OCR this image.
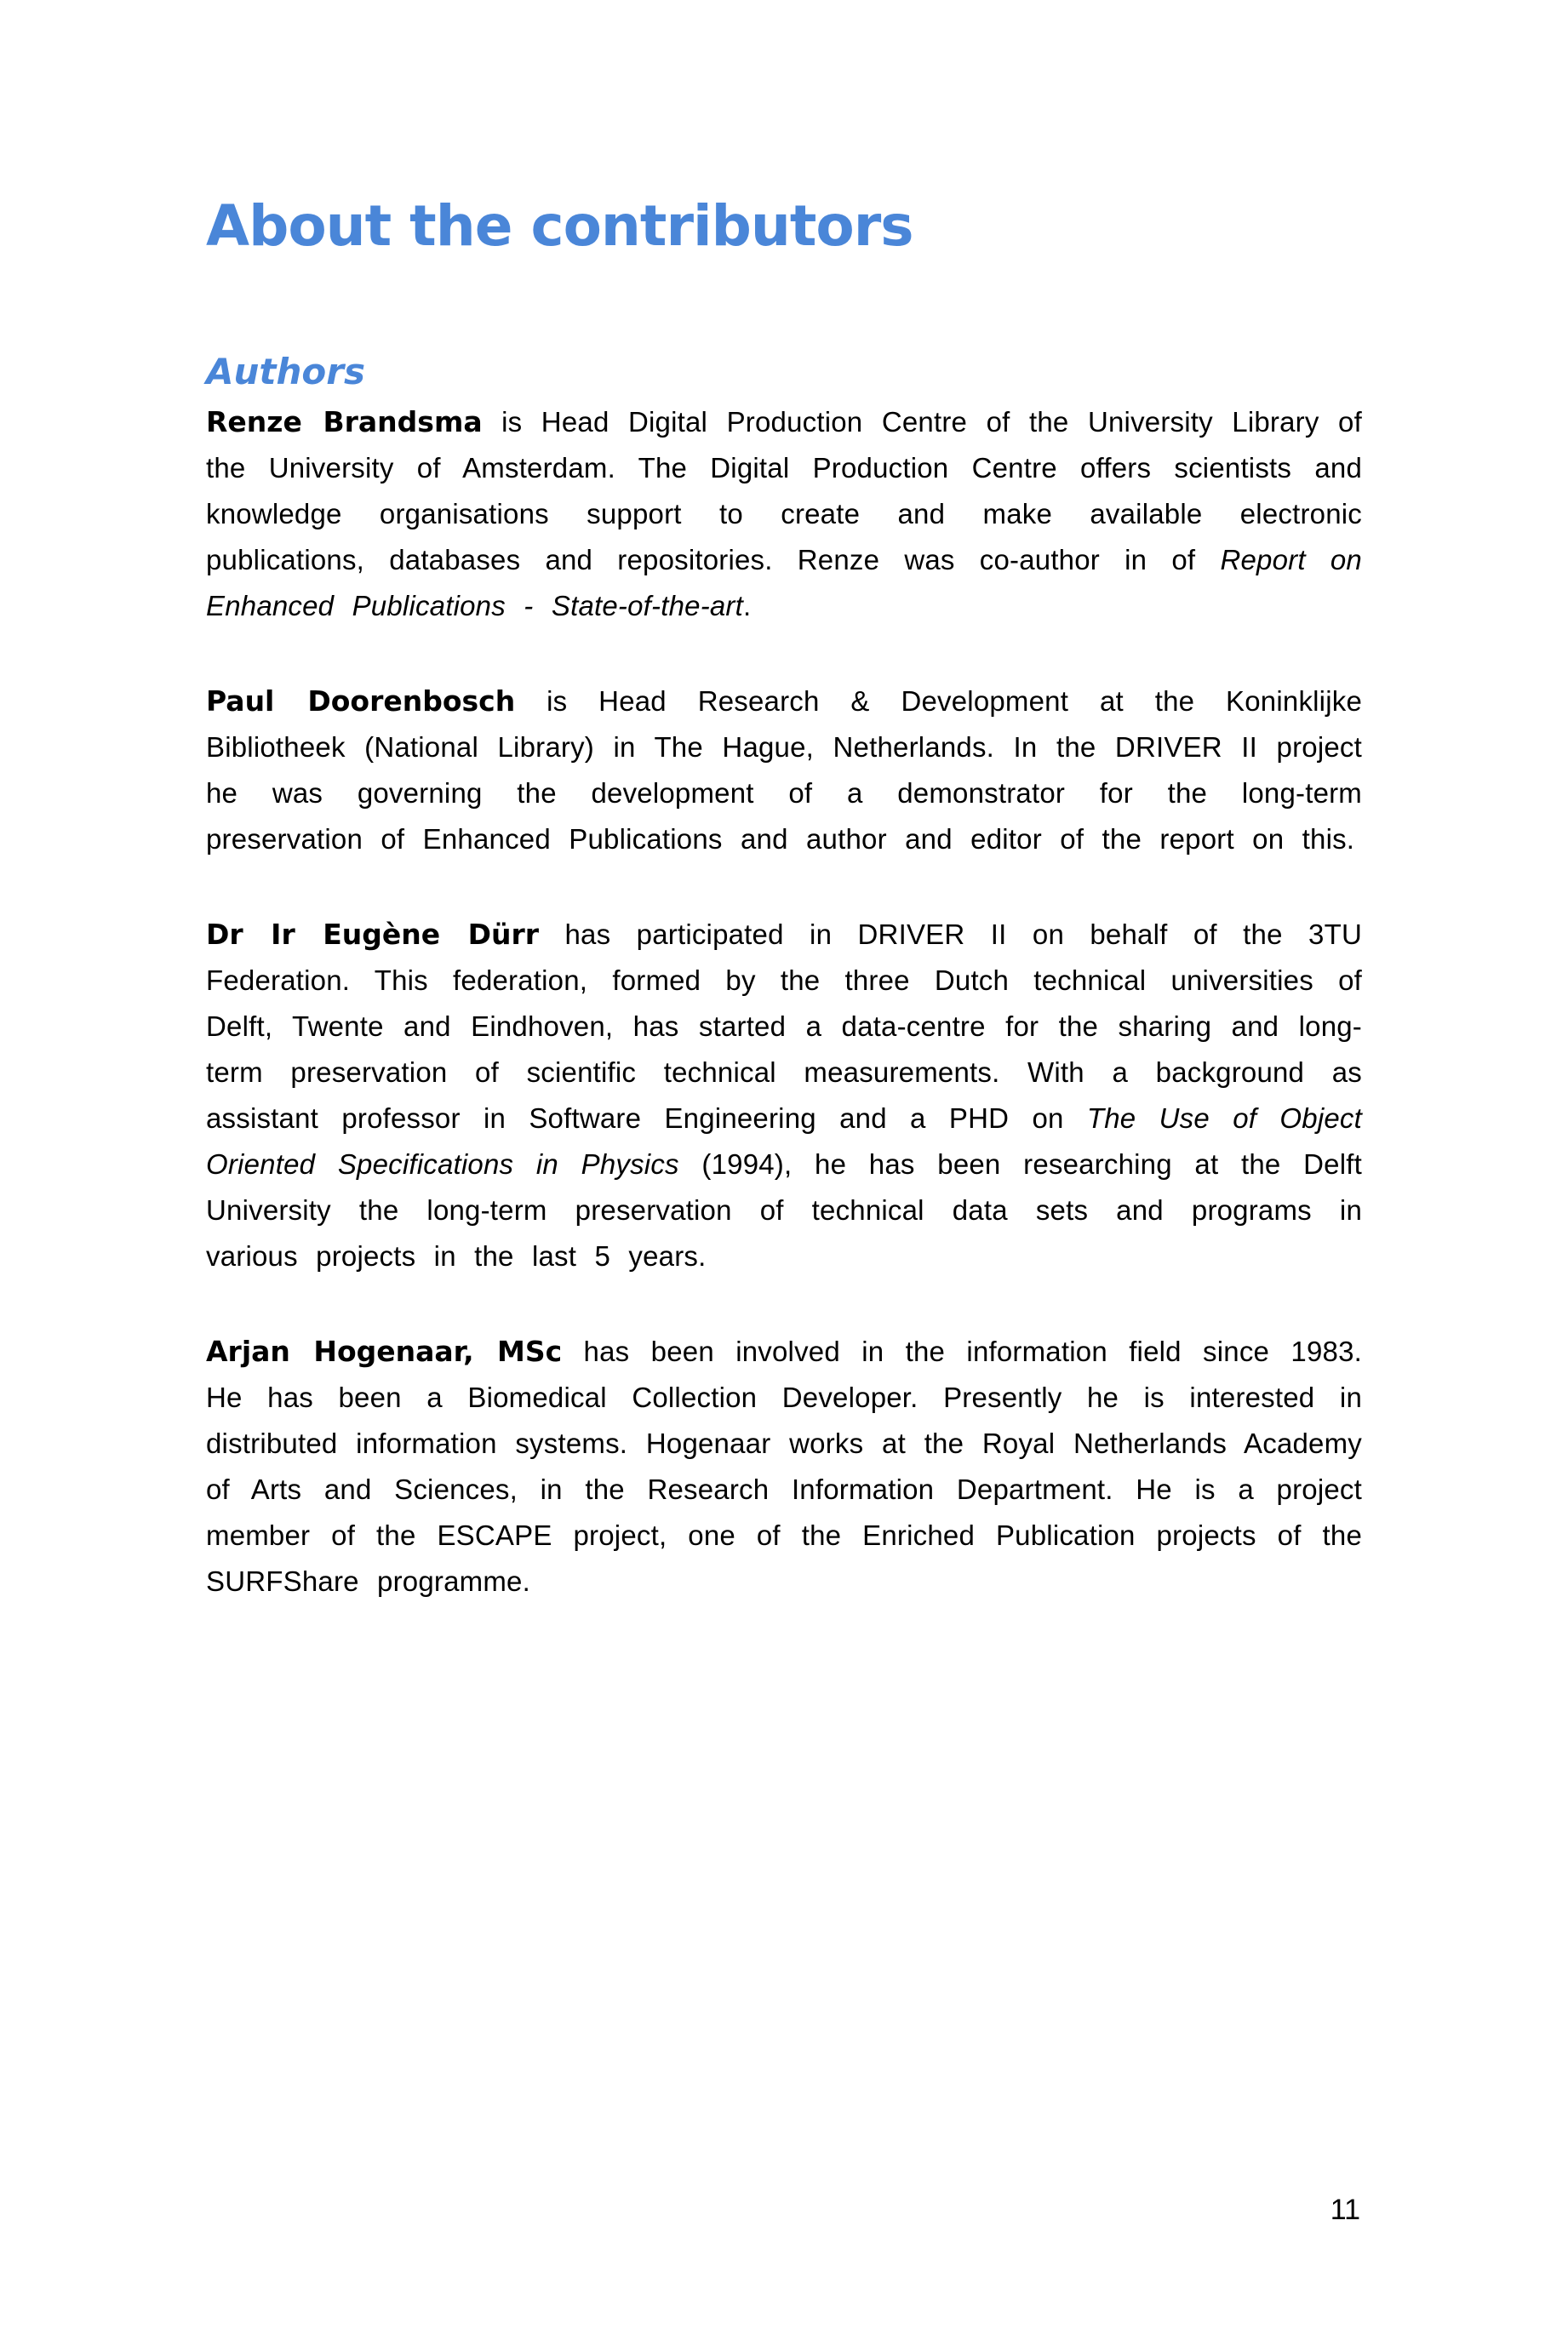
About the contributors
Authors

Renze Brandsma is Head Digital Production Centre of the University Library of the University of Amsterdam. The Digital Production Centre offers scientists and knowledge organisations support to create and make available electronic publications, databases and repositories. Renze was co-author in of Report on Enhanced Publications - State-of-the-art.

Paul Doorenbosch is Head Research & Development at the Koninklijke Bibliotheek (National Library) in The Hague, Netherlands. In the DRIVER II project he was governing the development of a demonstrator for the long-term preservation of Enhanced Publications and author and editor of the report on this.

Dr Ir Eugène Dürr has participated in DRIVER II on behalf of the 3TU Federation. This federation, formed by the three Dutch technical universities of Delft, Twente and Eindhoven, has started a data-centre for the sharing and long-term preservation of scientific technical measurements. With a background as assistant professor in Software Engineering and a PHD on The Use of Object Oriented Specifications in Physics (1994), he has been researching at the Delft University the long-term preservation of technical data sets and programs in various projects in the last 5 years.

Arjan Hogenaar, MSc has been involved in the information field since 1983. He has been a Biomedical Collection Developer. Presently he is interested in distributed information systems. Hogenaar works at the Royal Netherlands Academy of Arts and Sciences, in the Research Information Department. He is a project member of the ESCAPE project, one of the Enriched Publication projects of the SURFShare programme.

11
